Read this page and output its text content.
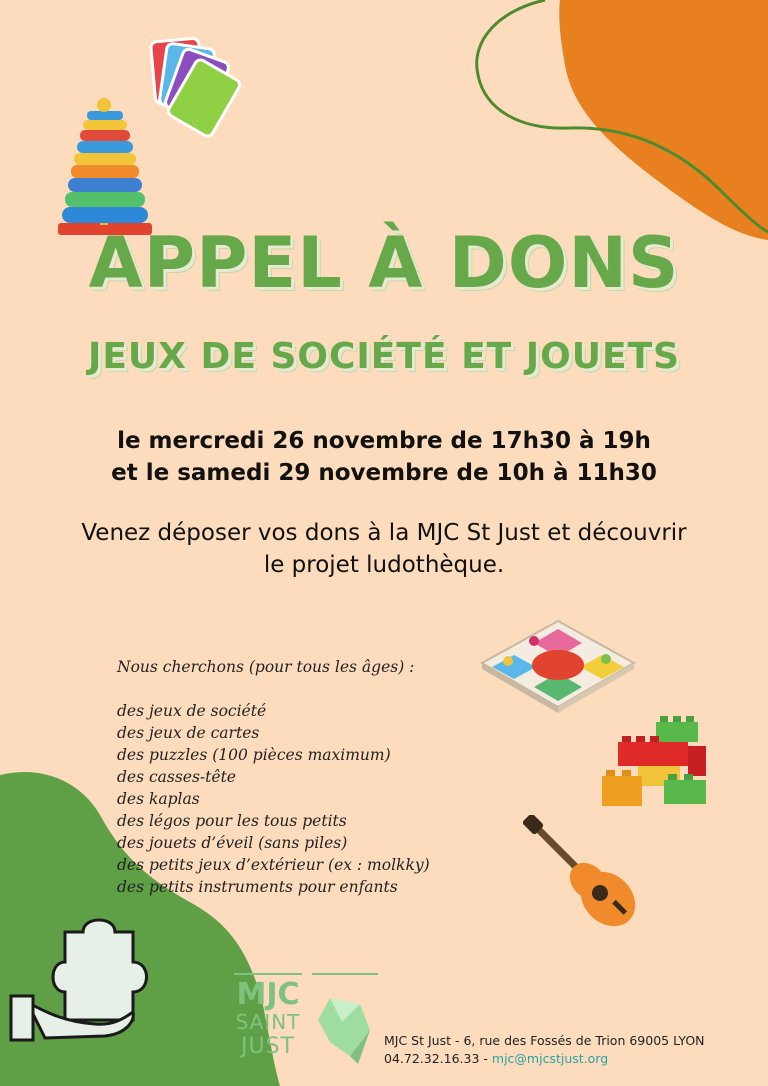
APPEL À DONS
JEUX DE SOCIÉTÉ ET JOUETS
le mercredi 26 novembre de 17h30 à 19h
et le samedi 29 novembre de 10h à 11h30
Venez déposer vos dons à la MJC St Just et découvrir
le projet ludothèque.
Nous cherchons (pour tous les âges) :
des jeux de société
des jeux de cartes
des puzzles (100 pièces maximum)
des casses-tête
des kaplas
des légos pour les tous petits
des jouets d’éveil (sans piles)
des petits jeux d’extérieur (ex : molkky)
des petits instruments pour enfants
MJC
SAINT
JUST	MJC St Just - 6, rue des Fossés de Trion 69005 LYON
04.72.32.16.33 - mjc@mjcstjust.org
